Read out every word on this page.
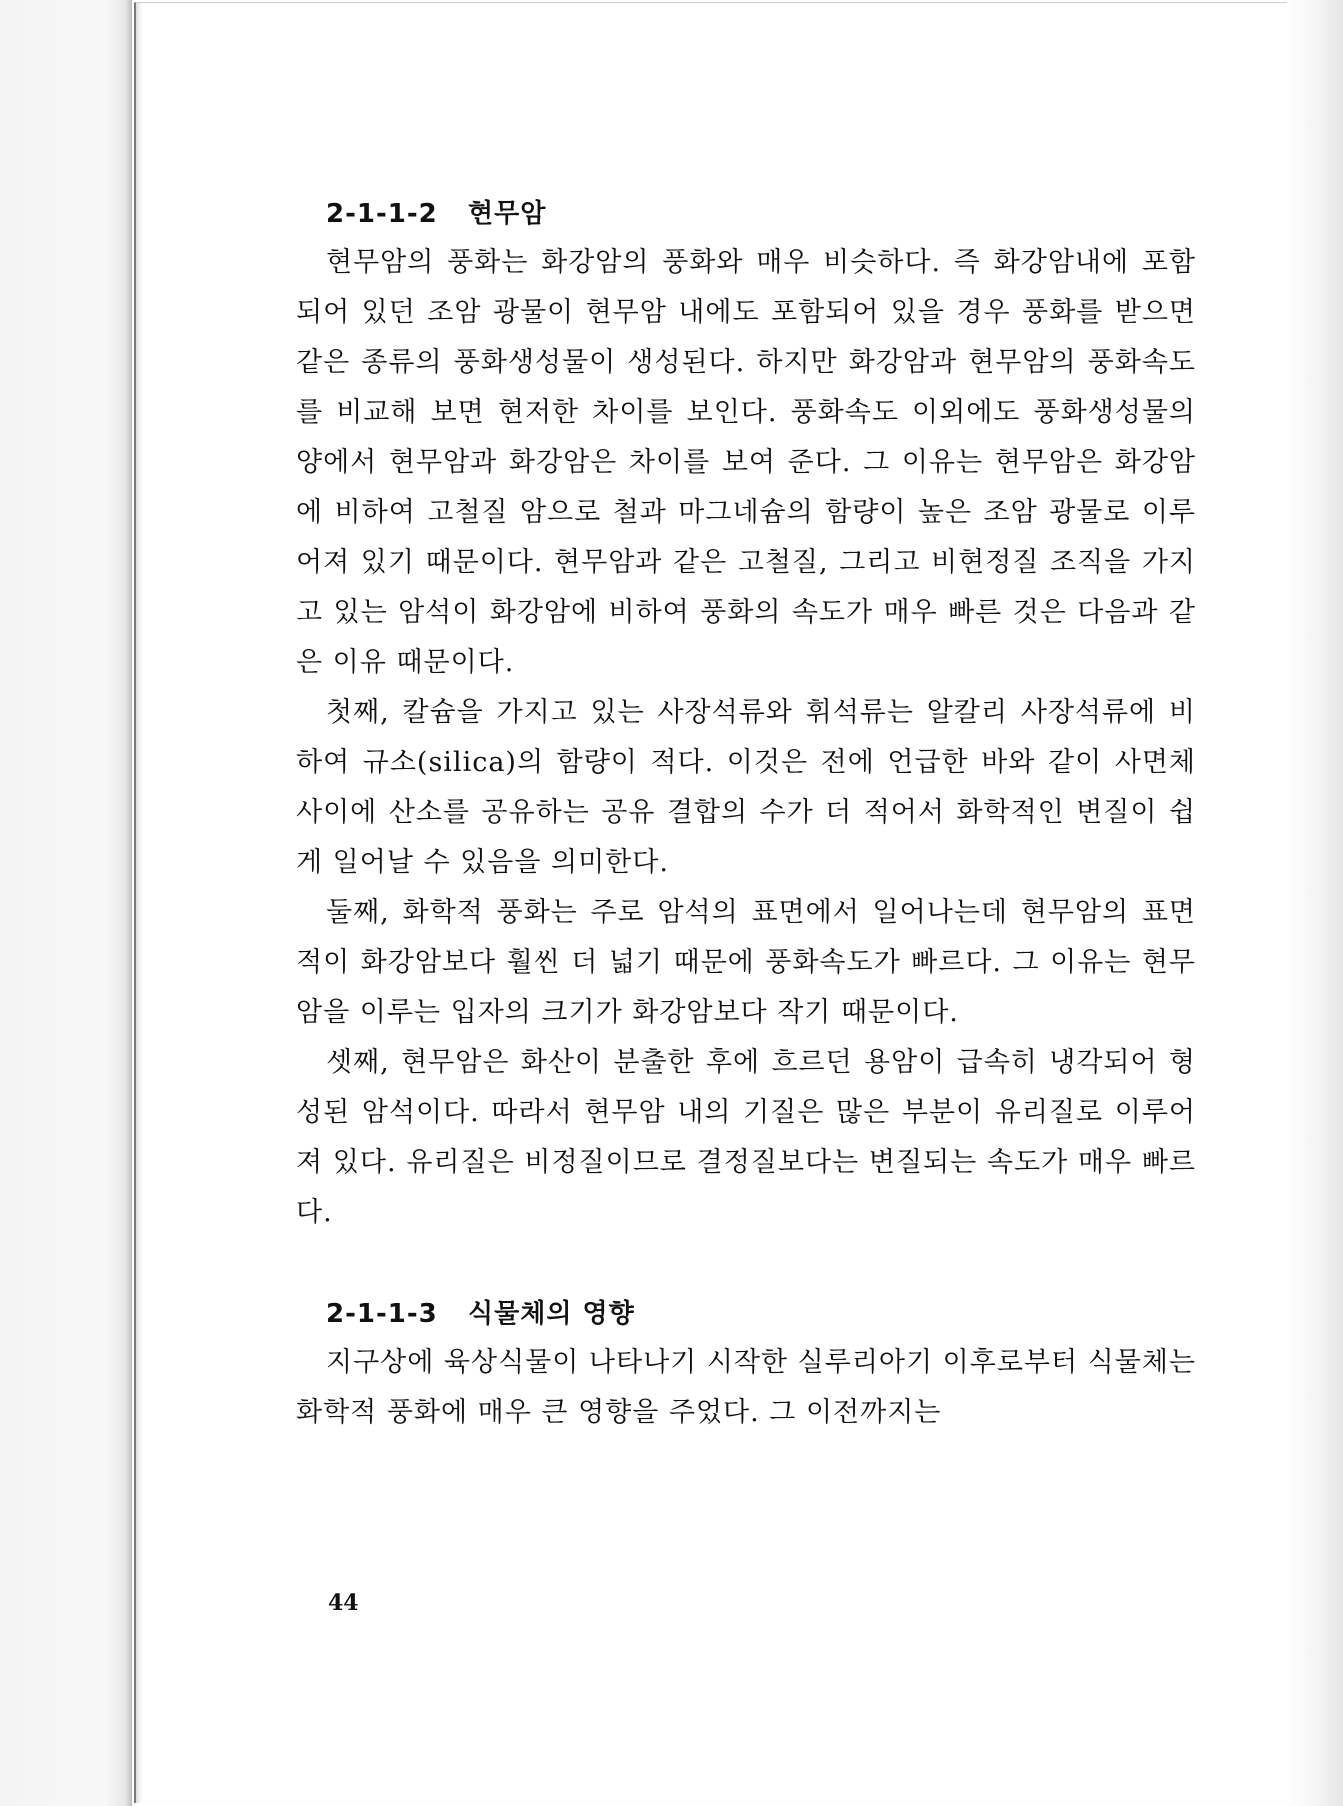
2-1-1-2 현무암

현무암의 풍화는 화강암의 풍화와 매우 비슷하다. 즉 화강암내에 포함되어 있던 조암 광물이 현무암 내에도 포함되어 있을 경우 풍화를 받으면 같은 종류의 풍화생성물이 생성된다. 하지만 화강암과 현무암의 풍화속도를 비교해 보면 현저한 차이를 보인다. 풍화속도 이외에도 풍화생성물의 양에서 현무암과 화강암은 차이를 보여 준다. 그 이유는 현무암은 화강암에 비하여 고철질 암으로 철과 마그네슘의 함량이 높은 조암 광물로 이루어져 있기 때문이다. 현무암과 같은 고철질, 그리고 비현정질 조직을 가지고 있는 암석이 화강암에 비하여 풍화의 속도가 매우 빠른 것은 다음과 같은 이유 때문이다.

첫째, 칼슘을 가지고 있는 사장석류와 휘석류는 알칼리 사장석류에 비하여 규소(silica)의 함량이 적다. 이것은 전에 언급한 바와 같이 사면체 사이에 산소를 공유하는 공유 결합의 수가 더 적어서 화학적인 변질이 쉽게 일어날 수 있음을 의미한다.

둘째, 화학적 풍화는 주로 암석의 표면에서 일어나는데 현무암의 표면적이 화강암보다 훨씬 더 넓기 때문에 풍화속도가 빠르다. 그 이유는 현무암을 이루는 입자의 크기가 화강암보다 작기 때문이다.

셋째, 현무암은 화산이 분출한 후에 흐르던 용암이 급속히 냉각되어 형성된 암석이다. 따라서 현무암 내의 기질은 많은 부분이 유리질로 이루어져 있다. 유리질은 비정질이므로 결정질보다는 변질되는 속도가 매우 빠르다.

2-1-1-3 식물체의 영향

지구상에 육상식물이 나타나기 시작한 실루리아기 이후로부터 식물체는 화학적 풍화에 매우 큰 영향을 주었다. 그 이전까지는

44
